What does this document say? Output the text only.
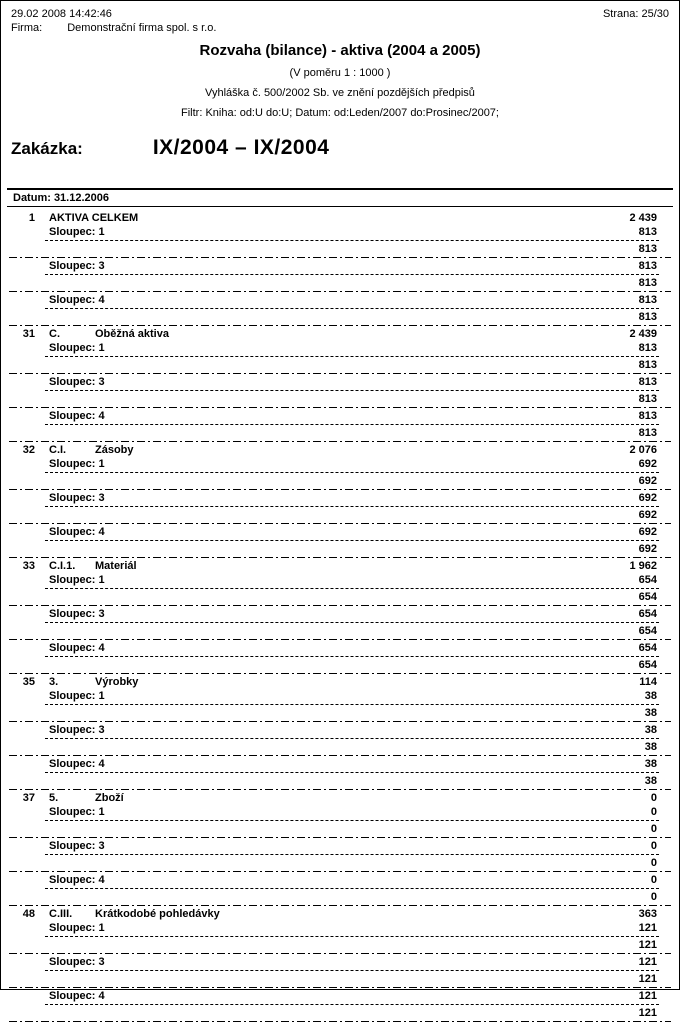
29.02 2008 14:42:46	Strana: 25/30
Firma: Demonstrační firma spol. s r.o.
Rozvaha (bilance) - aktiva (2004 a 2005)
(V poměru 1 : 1000 )
Vyhláška č. 500/2002 Sb. ve znění pozdějších předpisů
Filtr: Kniha: od:U do:U; Datum: od:Leden/2007 do:Prosinec/2007;
Zakázka:	IX/2004 – IX/2004
Datum: 31.12.2006
1 AKTIVA CELKEM	2 439
Sloupec: 1	813
813
Sloupec: 3	813
813
Sloupec: 4	813
813
31 C.	Oběžná aktiva	2 439
Sloupec: 1	813
813
Sloupec: 3	813
813
Sloupec: 4	813
813
32 C.I.	Zásoby	2 076
Sloupec: 1	692
692
Sloupec: 3	692
692
Sloupec: 4	692
692
33 C.I.1.	Materiál	1 962
Sloupec: 1	654
654
Sloupec: 3	654
654
Sloupec: 4	654
654
35 3.	Výrobky	114
Sloupec: 1	38
38
Sloupec: 3	38
38
Sloupec: 4	38
38
37 5.	Zboží	0
Sloupec: 1	0
0
Sloupec: 3	0
0
Sloupec: 4	0
0
48 C.III.	Krátkodobé pohledávky	363
Sloupec: 1	121
121
Sloupec: 3	121
121
Sloupec: 4	121
121
